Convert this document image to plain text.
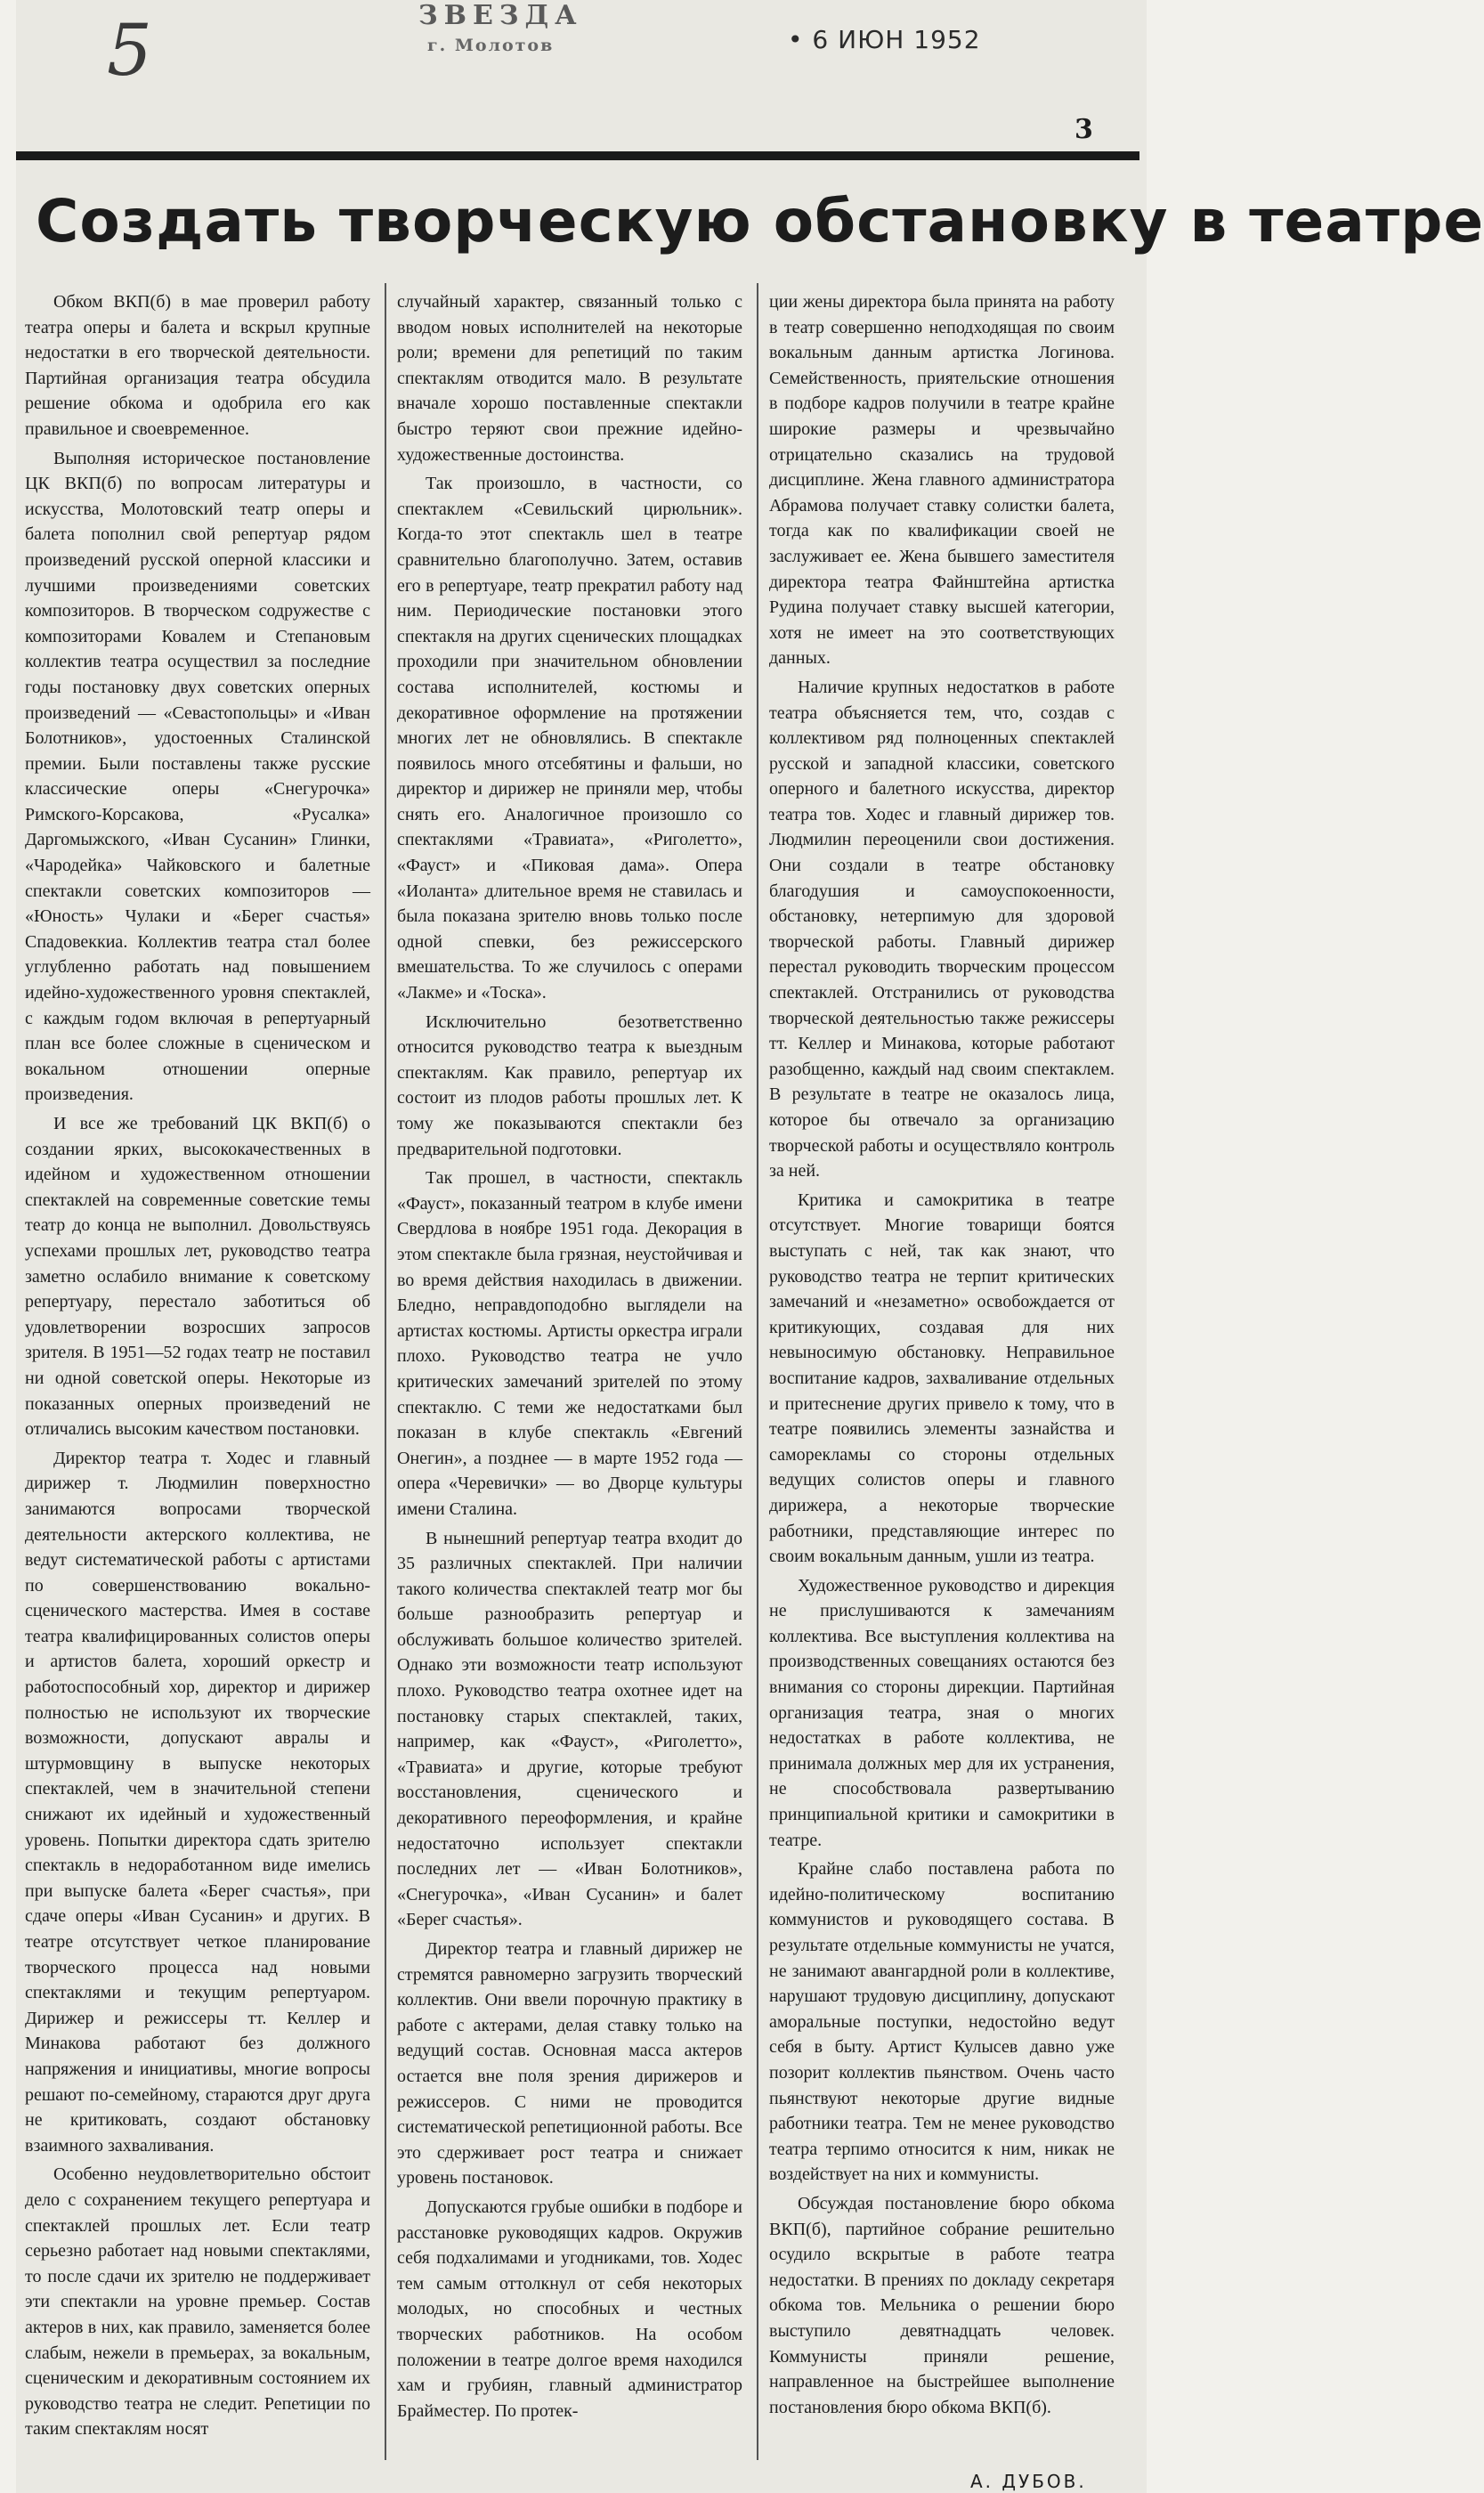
5	ЗВЕЗДА
г. Молотов	• 6 ИЮН 1952
3
Создать творческую обстановку в театре

Обком ВКП(б) в мае проверил работу театра оперы и балета и вскрыл крупные недостатки в его творческой деятельности. Партийная организация театра обсудила решение обкома и одобрила его как правильное и своевременное.

Выполняя историческое постановление ЦК ВКП(б) по вопросам литературы и искусства, Молотовский театр оперы и балета пополнил свой репертуар рядом произведений русской оперной классики и лучшими произведениями советских композиторов. В творческом содружестве с композиторами Ковалем и Степановым коллектив театра осуществил за последние годы постановку двух советских оперных произведений — «Севастопольцы» и «Иван Болотников», удостоенных Сталинской премии. Были поставлены также русские классические оперы «Снегурочка» Римского-Корсакова, «Русалка» Даргомыжского, «Иван Сусанин» Глинки, «Чародейка» Чайковского и балетные спектакли советских композиторов — «Юность» Чулаки и «Берег счастья» Спадовеккиа. Коллектив театра стал более углубленно работать над повышением идейно-художественного уровня спектаклей, с каждым годом включая в репертуарный план все более сложные в сценическом и вокальном отношении оперные произведения.

И все же требований ЦК ВКП(б) о создании ярких, высококачественных в идейном и художественном отношении спектаклей на современные советские темы театр до конца не выполнил. Довольствуясь успехами прошлых лет, руководство театра заметно ослабило внимание к советскому репертуару, перестало заботиться об удовлетворении возросших запросов зрителя. В 1951—52 годах театр не поставил ни одной советской оперы. Некоторые из показанных оперных произведений не отличались высоким качеством постановки.

Директор театра т. Ходес и главный дирижер т. Людмилин поверхностно занимаются вопросами творческой деятельности актерского коллектива, не ведут систематической работы с артистами по совершенствованию вокально-сценического мастерства. Имея в составе театра квалифицированных солистов оперы и артистов балета, хороший оркестр и работоспособный хор, директор и дирижер полностью не используют их творческие возможности, допускают авралы и штурмовщину в выпуске некоторых спектаклей, чем в значительной степени снижают их идейный и художественный уровень. Попытки директора сдать зрителю спектакль в недоработанном виде имелись при выпуске балета «Берег счастья», при сдаче оперы «Иван Сусанин» и других. В театре отсутствует четкое планирование творческого процесса над новыми спектаклями и текущим репертуаром. Дирижер и режиссеры тт. Келлер и Минакова работают без должного напряжения и инициативы, многие вопросы решают по-семейному, стараются друг друга не критиковать, создают обстановку взаимного захваливания.

Особенно неудовлетворительно обстоит дело с сохранением текущего репертуара и спектаклей прошлых лет. Если театр серьезно работает над новыми спектаклями, то после сдачи их зрителю не поддерживает эти спектакли на уровне премьер. Состав актеров в них, как правило, заменяется более слабым, нежели в премьерах, за вокальным, сценическим и декоративным состоянием их руководство театра не следит. Репетиции по таким спектаклям носят

случайный характер, связанный только с вводом новых исполнителей на некоторые роли; времени для репетиций по таким спектаклям отводится мало. В результате вначале хорошо поставленные спектакли быстро теряют свои прежние идейно-художественные достоинства.

Так произошло, в частности, со спектаклем «Севильский цирюльник». Когда-то этот спектакль шел в театре сравнительно благополучно. Затем, оставив его в репертуаре, театр прекратил работу над ним. Периодические постановки этого спектакля на других сценических площадках проходили при значительном обновлении состава исполнителей, костюмы и декоративное оформление на протяжении многих лет не обновлялись. В спектакле появилось много отсебятины и фальши, но директор и дирижер не приняли мер, чтобы снять его. Аналогичное произошло со спектаклями «Травиата», «Риголетто», «Фауст» и «Пиковая дама». Опера «Иоланта» длительное время не ставилась и была показана зрителю вновь только после одной спевки, без режиссерского вмешательства. То же случилось с операми «Лакме» и «Тоска».

Исключительно безответственно относится руководство театра к выездным спектаклям. Как правило, репертуар их состоит из плодов работы прошлых лет. К тому же показываются спектакли без предварительной подготовки.

Так прошел, в частности, спектакль «Фауст», показанный театром в клубе имени Свердлова в ноябре 1951 года. Декорация в этом спектакле была грязная, неустойчивая и во время действия находилась в движении. Бледно, неправдоподобно выглядели на артистах костюмы. Артисты оркестра играли плохо. Руководство театра не учло критических замечаний зрителей по этому спектаклю. С теми же недостатками был показан в клубе спектакль «Евгений Онегин», а позднее — в марте 1952 года — опера «Черевички» — во Дворце культуры имени Сталина.

В нынешний репертуар театра входит до 35 различных спектаклей. При наличии такого количества спектаклей театр мог бы больше разнообразить репертуар и обслуживать большое количество зрителей. Однако эти возможности театр используют плохо. Руководство театра охотнее идет на постановку старых спектаклей, таких, например, как «Фауст», «Риголетто», «Травиата» и другие, которые требуют восстановления, сценического и декоративного переоформления, и крайне недостаточно использует спектакли последних лет — «Иван Болотников», «Снегурочка», «Иван Сусанин» и балет «Берег счастья».

Директор театра и главный дирижер не стремятся равномерно загрузить творческий коллектив. Они ввели порочную практику в работе с актерами, делая ставку только на ведущий состав. Основная масса актеров остается вне поля зрения дирижеров и режиссеров. С ними не проводится систематической репетиционной работы. Все это сдерживает рост театра и снижает уровень постановок.

Допускаются грубые ошибки в подборе и расстановке руководящих кадров. Окружив себя подхалимами и угодниками, тов. Ходес тем самым оттолкнул от себя некоторых молодых, но способных и честных творческих работников. На особом положении в театре долгое время находился хам и грубиян, главный администратор Брайместер. По протек-

ции жены директора была принята на работу в театр совершенно неподходящая по своим вокальным данным артистка Логинова. Семейственность, приятельские отношения в подборе кадров получили в театре крайне широкие размеры и чрезвычайно отрицательно сказались на трудовой дисциплине. Жена главного администратора Абрамова получает ставку солистки балета, тогда как по квалификации своей не заслуживает ее. Жена бывшего заместителя директора театра Файнштейна артистка Рудина получает ставку высшей категории, хотя не имеет на это соответствующих данных.

Наличие крупных недостатков в работе театра объясняется тем, что, создав с коллективом ряд полноценных спектаклей русской и западной классики, советского оперного и балетного искусства, директор театра тов. Ходес и главный дирижер тов. Людмилин переоценили свои достижения. Они создали в театре обстановку благодушия и самоуспокоенности, обстановку, нетерпимую для здоровой творческой работы. Главный дирижер перестал руководить творческим процессом спектаклей. Отстранились от руководства творческой деятельностью также режиссеры тт. Келлер и Минакова, которые работают разобщенно, каждый над своим спектаклем. В результате в театре не оказалось лица, которое бы отвечало за организацию творческой работы и осуществляло контроль за ней.

Критика и самокритика в театре отсутствует. Многие товарищи боятся выступать с ней, так как знают, что руководство театра не терпит критических замечаний и «незаметно» освобождается от критикующих, создавая для них невыносимую обстановку. Неправильное воспитание кадров, захваливание отдельных и притеснение других привело к тому, что в театре появились элементы зазнайства и саморекламы со стороны отдельных ведущих солистов оперы и главного дирижера, а некоторые творческие работники, представляющие интерес по своим вокальным данным, ушли из театра.

Художественное руководство и дирекция не прислушиваются к замечаниям коллектива. Все выступления коллектива на производственных совещаниях остаются без внимания со стороны дирекции. Партийная организация театра, зная о многих недостатках в работе коллектива, не принимала должных мер для их устранения, не способствовала развертыванию принципиальной критики и самокритики в театре.

Крайне слабо поставлена работа по идейно-политическому воспитанию коммунистов и руководящего состава. В результате отдельные коммунисты не учатся, не занимают авангардной роли в коллективе, нарушают трудовую дисциплину, допускают аморальные поступки, недостойно ведут себя в быту. Артист Кулысев давно уже позорит коллектив пьянством. Очень часто пьянствуют некоторые другие видные работники театра. Тем не менее руководство театра терпимо относится к ним, никак не воздействует на них и коммунисты.

Обсуждая постановление бюро обкома ВКП(б), партийное собрание решительно осудило вскрытые в работе театра недостатки. В прениях по докладу секретаря обкома тов. Мельника о решении бюро выступило девятнадцать человек. Коммунисты приняли решение, направленное на быстрейшее выполнение постановления бюро обкома ВКП(б).

А. ДУБОВ.
